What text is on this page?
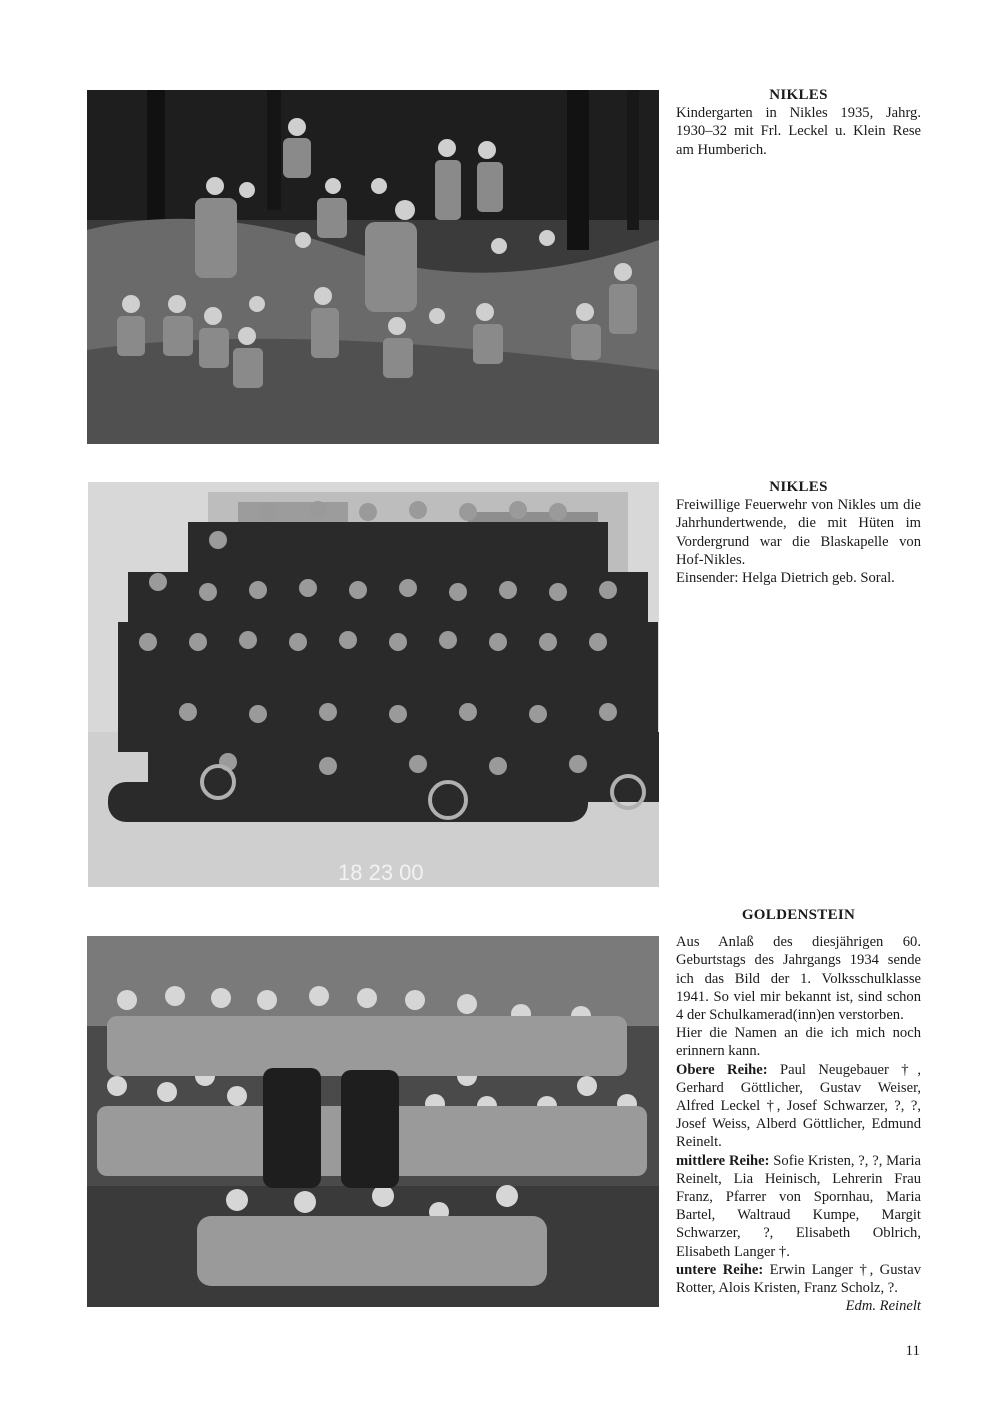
NIKLES

Kindergarten in Nikles 1935, Jahrg. 1930–32 mit Frl. Leckel u. Klein Rese am Humberich.

18 23 00

NIKLES

Freiwillige Feuerwehr von Nikles um die Jahrhundertwende, die mit Hüten im Vordergrund war die Blaskapelle von Hof-Nikles.

Einsender: Helga Dietrich geb. Soral.

GOLDENSTEIN

Aus Anlaß des diesjährigen 60. Geburtstags des Jahrgangs 1934 sende ich das Bild der 1. Volksschulklasse 1941. So viel mir bekannt ist, sind schon 4 der Schulkamerad(inn)en verstorben.

Hier die Namen an die ich mich noch erinnern kann.

Obere Reihe: Paul Neugebauer †, Gerhard Göttlicher, Gustav Weiser, Alfred Leckel †, Josef Schwarzer, ?, ?, Josef Weiss, Alberd Göttlicher, Edmund Reinelt.

mittlere Reihe: Sofie Kristen, ?, ?, Maria Reinelt, Lia Heinisch, Lehrerin Frau Franz, Pfarrer von Spornhau, Maria Bartel, Waltraud Kumpe, Margit Schwarzer, ?, Elisabeth Oblrich, Elisabeth Langer †.

untere Reihe: Erwin Langer †, Gustav Rotter, Alois Kristen, Franz Scholz, ?.

Edm. Reinelt

11
